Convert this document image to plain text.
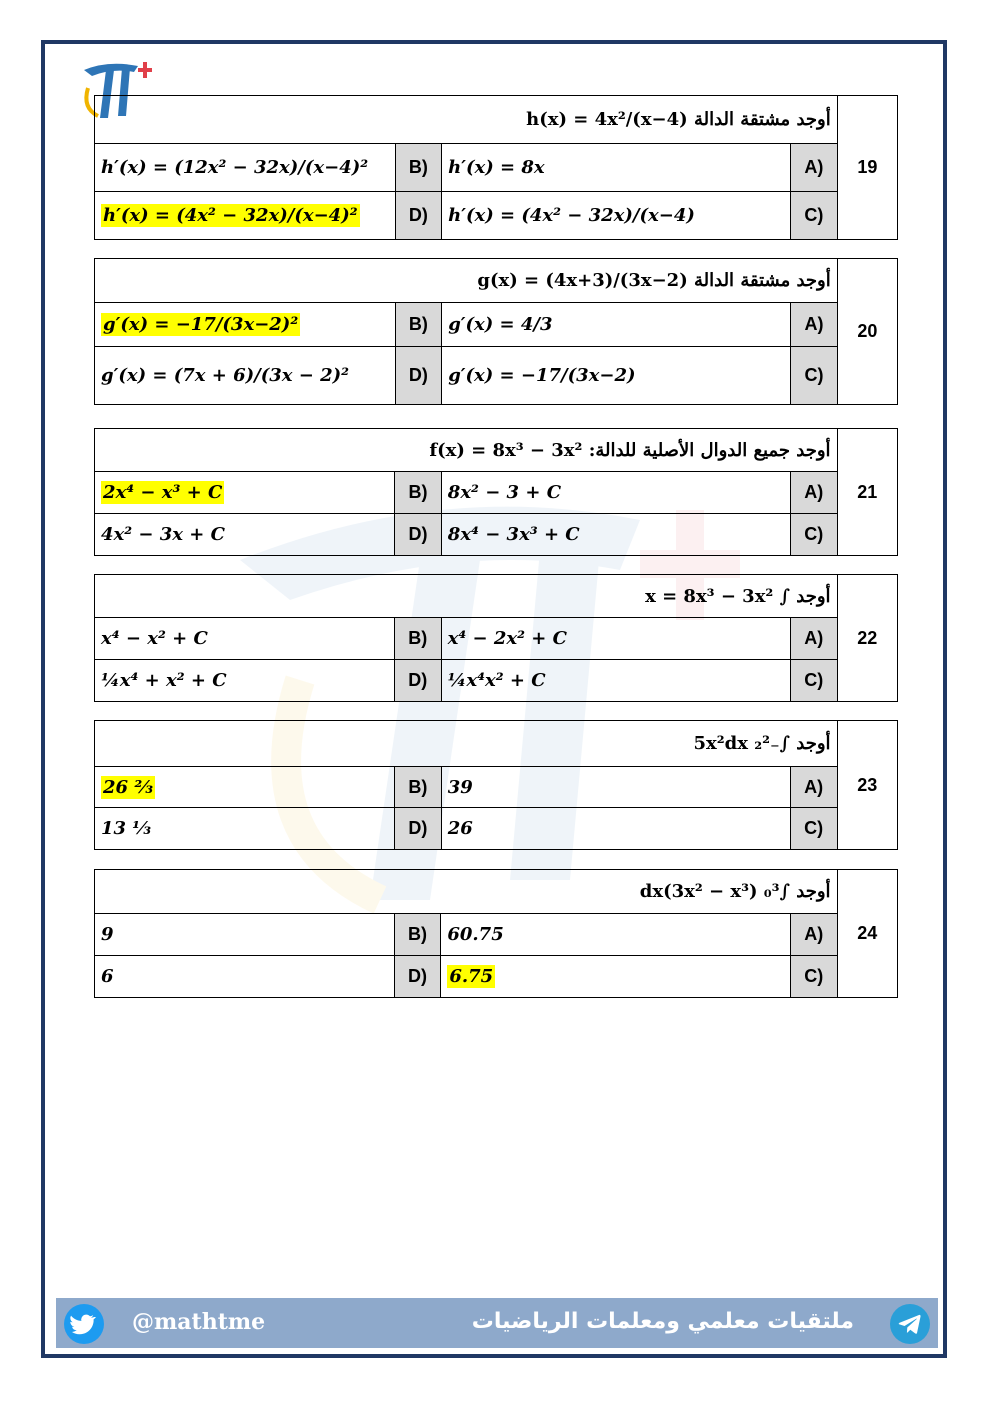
19	أوجد مشتقة الدالة h(x) = 4x²/(x−4)			
	(A	h′(x) = 8x	(B	h′(x) = (12x² − 32x)/(x−4)²
	(C	h′(x) = (4x² − 32x)/(x−4)	(D	h′(x) = (4x² − 32x)/(x−4)²
20	أوجد مشتقة الدالة g(x) = (4x+3)/(3x−2)			
	(A	g′(x) = 4/3	(B	g′(x) = −17/(3x−2)²
	(C	g′(x) = −17/(3x−2)	(D	g′(x) = (7x + 6)/(3x − 2)²
21	أوجد جميع الدوال الأصلية للدالة: f(x) = 8x³ − 3x²			
	(A	8x² − 3 + C	(B	2x⁴ − x³ + C
	(C	8x⁴ − 3x³ + C	(D	4x² − 3x + C
22	أوجد ∫ x = 8x³ − 3x²			
	(A	x⁴ − 2x² + C	(B	x⁴ − x² + C
	(C	¼x⁴x² + C	(D	¼x⁴ + x² + C
23	أوجد ∫₋₂² 5x²dx			
	(A	39	(B	26 ⅔
	(C	26	(D	13 ⅓
24	أوجد ∫₀³ (3x² − x³)dx			
	(A	60.75	(B	9
	(C	6.75	(D	6
@mathtme	ملتقيات معلمي ومعلمات الرياضيات
